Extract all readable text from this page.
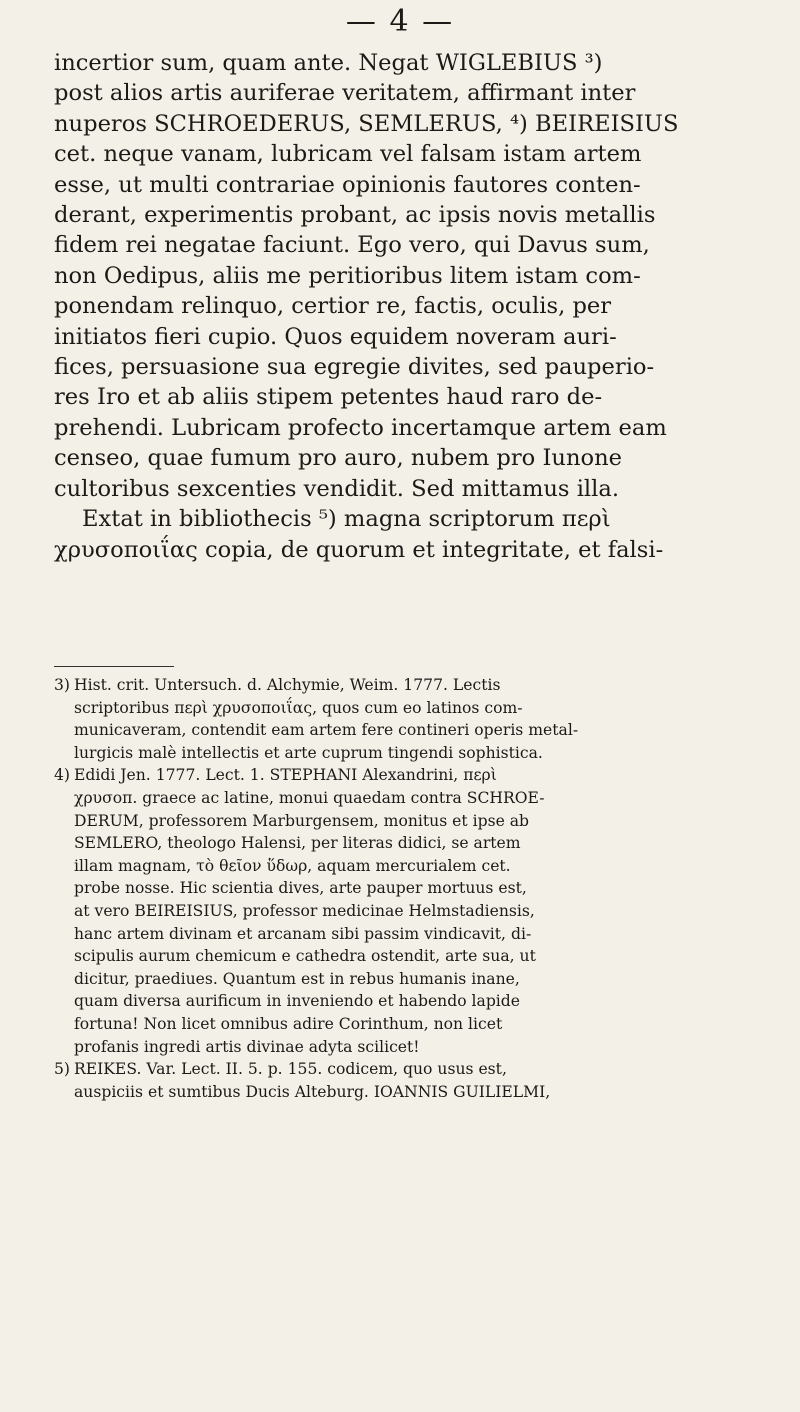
— 4 —
incertior sum, quam ante. Negat WIGLEBIUS ³)
post alios artis auriferae veritatem, affirmant inter
nuperos SCHROEDERUS, SEMLERUS, ⁴) BEIREISIUS
cet. neque vanam, lubricam vel falsam istam artem
esse, ut multi contrariae opinionis fautores conten-
derant, experimentis probant, ac ipsis novis metallis
fidem rei negatae faciunt. Ego vero, qui Davus sum,
non Oedipus, aliis me peritioribus litem istam com-
ponendam relinquo, certior re, factis, oculis, per
initiatos fieri cupio. Quos equidem noveram auri-
fices, persuasione sua egregie divites, sed pauperio-
res Iro et ab aliis stipem petentes haud raro de-
prehendi. Lubricam profecto incertamque artem eam
censeo, quae fumum pro auro, nubem pro Iunone
cultoribus sexcenties vendidit. Sed mittamus illa.
Extat in bibliothecis ⁵) magna scriptorum περὶ
χρυσοποιΐας copia, de quorum et integritate, et falsi-
3) Hist. crit. Untersuch. d. Alchymie, Weim. 1777. Lectis
scriptoribus περὶ χρυσοποιΐας, quos cum eo latinos com-
municaveram, contendit eam artem fere contineri operis metal-
lurgicis malè intellectis et arte cuprum tingendi sophistica.
4) Edidi Jen. 1777. Lect. 1. STEPHANI Alexandrini, περὶ
χρυσοπ. graece ac latine, monui quaedam contra SCHROE-
DERUM, professorem Marburgensem, monitus et ipse ab
SEMLERO, theologo Halensi, per literas didici, se artem
illam magnam, τὸ θεῖον ὕδωρ, aquam mercurialem cet.
probe nosse. Hic scientia dives, arte pauper mortuus est,
at vero BEIREISIUS, professor medicinae Helmstadiensis,
hanc artem divinam et arcanam sibi passim vindicavit, di-
scipulis aurum chemicum e cathedra ostendit, arte sua, ut
dicitur, praediues. Quantum est in rebus humanis inane,
quam diversa aurificum in inveniendo et habendo lapide
fortuna! Non licet omnibus adire Corinthum, non licet
profanis ingredi artis divinae adyta scilicet!
5) REIKES. Var. Lect. II. 5. p. 155. codicem, quo usus est,
auspiciis et sumtibus Ducis Alteburg. IOANNIS GUILIELMI,
